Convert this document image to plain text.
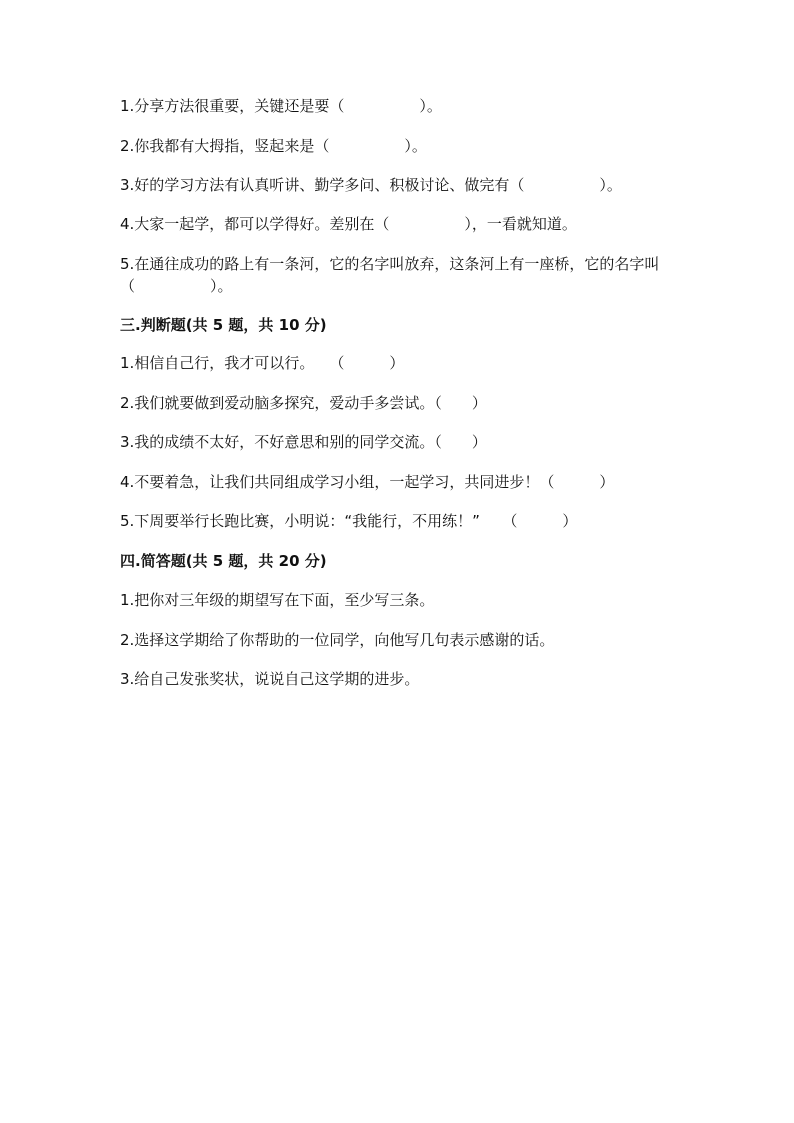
1.分享方法很重要，关键还是要（　　　　　）。
2.你我都有大拇指，竖起来是（　　　　　）。
3.好的学习方法有认真听讲、勤学多问、积极讨论、做完有（　　　　　）。
4.大家一起学，都可以学得好。差别在（　　　　　），一看就知道。
5.在通往成功的路上有一条河，它的名字叫放弃，这条河上有一座桥，它的名字叫（　　　　　）。
三.判断题(共 5 题，共 10 分)
1.相信自己行，我才可以行。　　（　　　）
2.我们就要做到爱动脑多探究，爱动手多尝试。（　　）
3.我的成绩不太好，不好意思和别的同学交流。（　　）
4.不要着急，让我们共同组成学习小组，一起学习，共同进步！（　　　）
5.下周要举行长跑比赛，小明说：“我能行，不用练！”　　（　　　）
四.简答题(共 5 题，共 20 分)
1.把你对三年级的期望写在下面，至少写三条。
2.选择这学期给了你帮助的一位同学，向他写几句表示感谢的话。
3.给自己发张奖状，说说自己这学期的进步。
